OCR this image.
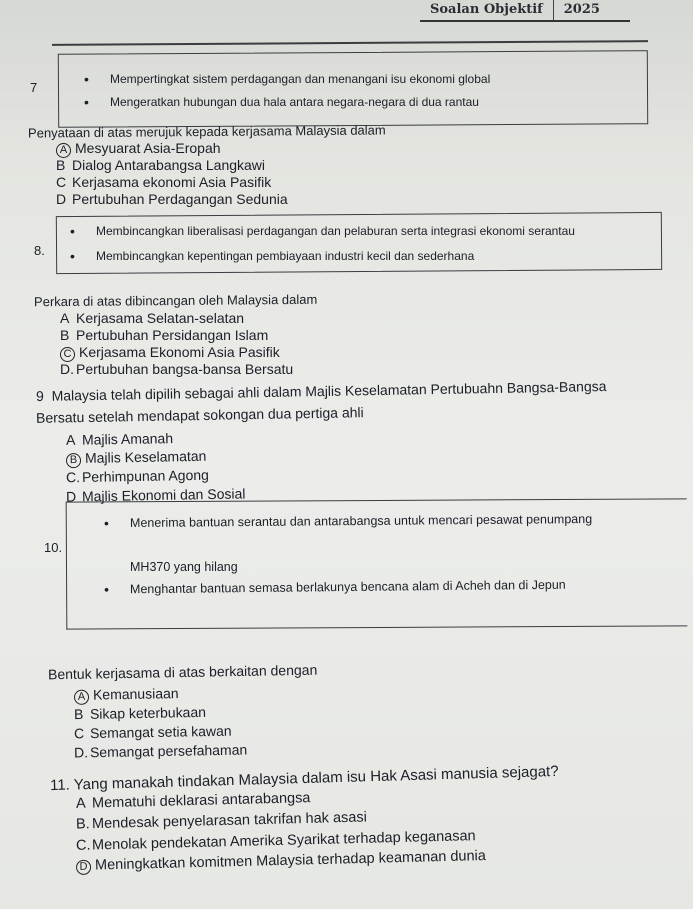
Soalan Objektif	2025
7
• Mempertingkat sistem perdagangan dan menangani isu ekonomi global
• Mengeratkan hubungan dua hala antara negara-negara di dua rantau
Penyataan di atas merujuk kepada kerjasama Malaysia dalam
A Mesyuarat Asia-Eropah
B Dialog Antarabangsa Langkawi
C Kerjasama ekonomi Asia Pasifik
D Pertubuhan Perdagangan Sedunia
8.
• Membincangkan liberalisasi perdagangan dan pelaburan serta integrasi ekonomi serantau
• Membincangkan kepentingan pembiayaan industri kecil dan sederhana
Perkara di atas dibincangan oleh Malaysia dalam
A Kerjasama Selatan-selatan
B Pertubuhan Persidangan Islam
C Kerjasama Ekonomi Asia Pasifik
D. Pertubuhan bangsa-bansa Bersatu
9 Malaysia telah dipilih sebagai ahli dalam Majlis Keselamatan Pertubuahn Bangsa-Bangsa
Bersatu setelah mendapat sokongan dua pertiga ahli
A Majlis Amanah
B Majlis Keselamatan
C. Perhimpunan Agong
D Majlis Ekonomi dan Sosial
10.
• Menerima bantuan serantau dan antarabangsa untuk mencari pesawat penumpang
MH370 yang hilang
• Menghantar bantuan semasa berlakunya bencana alam di Acheh dan di Jepun
Bentuk kerjasama di atas berkaitan dengan
A Kemanusiaan
B Sikap keterbukaan
C Semangat setia kawan
D. Semangat persefahaman
11. Yang manakah tindakan Malaysia dalam isu Hak Asasi manusia sejagat?
A Mematuhi deklarasi antarabangsa
B. Mendesak penyelarasan takrifan hak asasi
C.Menolak pendekatan Amerika Syarikat terhadap keganasan
D Meningkatkan komitmen Malaysia terhadap keamanan dunia
